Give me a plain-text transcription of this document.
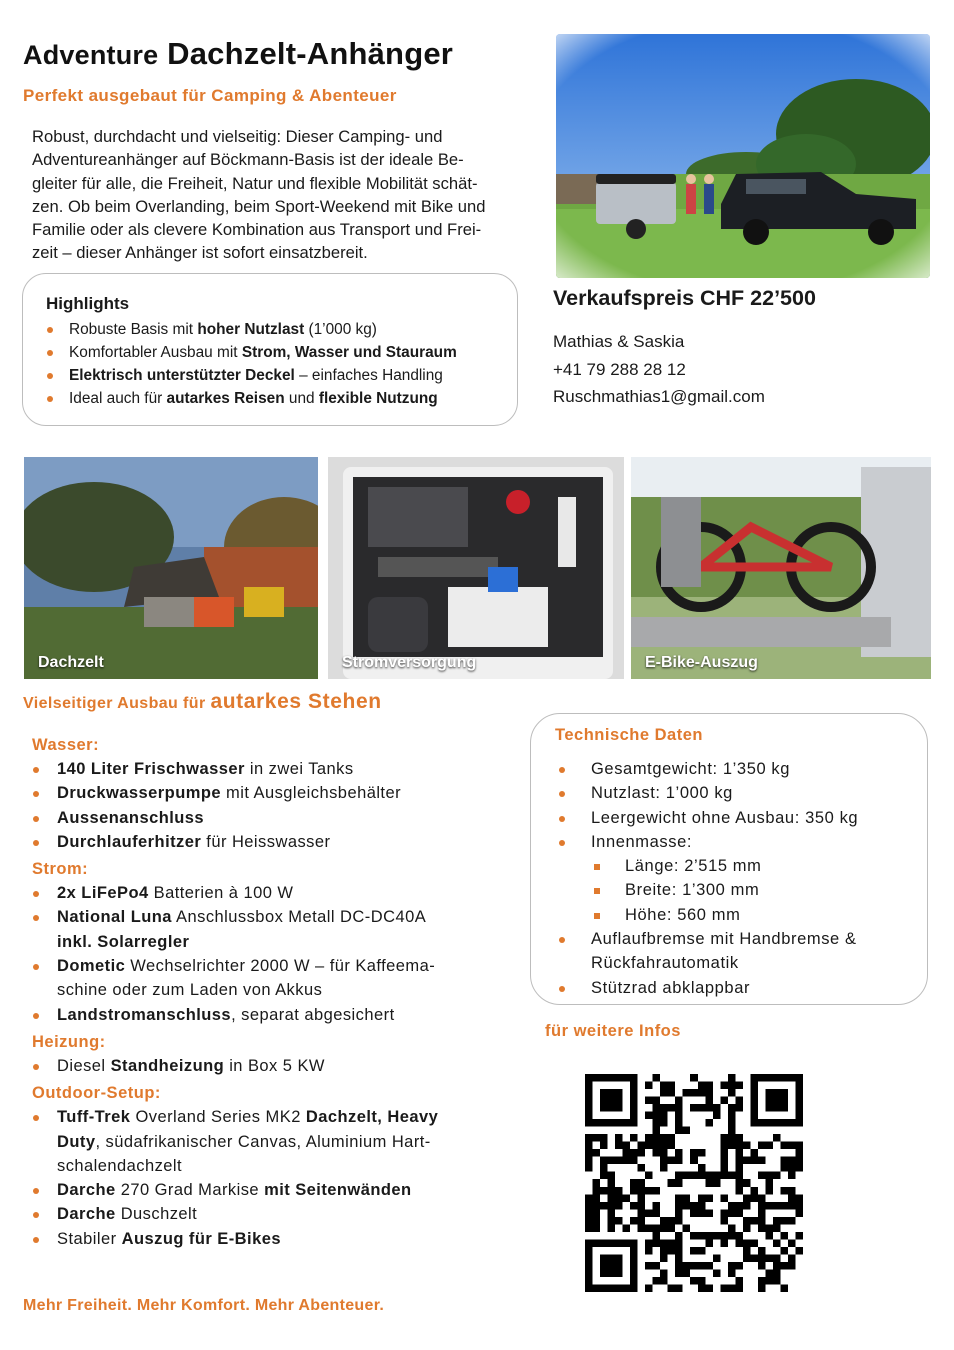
Adventure Dachzelt-Anhänger
Perfekt ausgebaut für Camping & Abenteuer
Robust, durchdacht und vielseitig: Dieser Camping- und
Adventureanhänger auf Böckmann-Basis ist der ideale Be-
gleiter für alle, die Freiheit, Natur und flexible Mobilität schät-
zen. Ob beim Overlanding, beim Sport-Weekend mit Bike und
Familie oder als clevere Kombination aus Transport und Frei-
zeit – dieser Anhänger ist sofort einsatzbereit.
Highlights
Robuste Basis mit hoher Nutzlast (1’000 kg)
Komfortabler Ausbau mit Strom, Wasser und Stauraum
Elektrisch unterstützter Deckel – einfaches Handling
Ideal auch für autarkes Reisen und flexible Nutzung
Verkaufspreis CHF 22’500
Mathias & Saskia
+41 79 288 28 12
Ruschmathias1@gmail.com
Dachzelt	Stromversorgung	E-Bike-Auszug
Vielseitiger Ausbau für autarkes Stehen
Wasser:
140 Liter Frischwasser in zwei Tanks
Druckwasserpumpe mit Ausgleichsbehälter
Aussenanschluss
Durchlauferhitzer für Heisswasser
Strom:
2x LiFePo4 Batterien à 100 W
National Luna Anschlussbox Metall DC-DC40A
inkl. Solarregler
Dometic Wechselrichter 2000 W – für Kaffeema-
schine oder zum Laden von Akkus
Landstromanschluss, separat abgesichert
Heizung:
Diesel Standheizung in Box 5 KW
Outdoor-Setup:
Tuff-Trek Overland Series MK2 Dachzelt, Heavy
Duty, südafrikanischer Canvas, Aluminium Hart-
schalendachzelt
Darche 270 Grad Markise mit Seitenwänden
Darche Duschzelt
Stabiler Auszug für E-Bikes
Technische Daten
Gesamtgewicht: 1’350 kg
Nutzlast: 1’000 kg
Leergewicht ohne Ausbau: 350 kg
Innenmasse:
Länge: 2’515 mm
Breite: 1’300 mm
Höhe: 560 mm
Auflaufbremse mit Handbremse &
Rückfahrautomatik
Stützrad abklappbar
für weitere Infos
Mehr Freiheit. Mehr Komfort. Mehr Abenteuer.
